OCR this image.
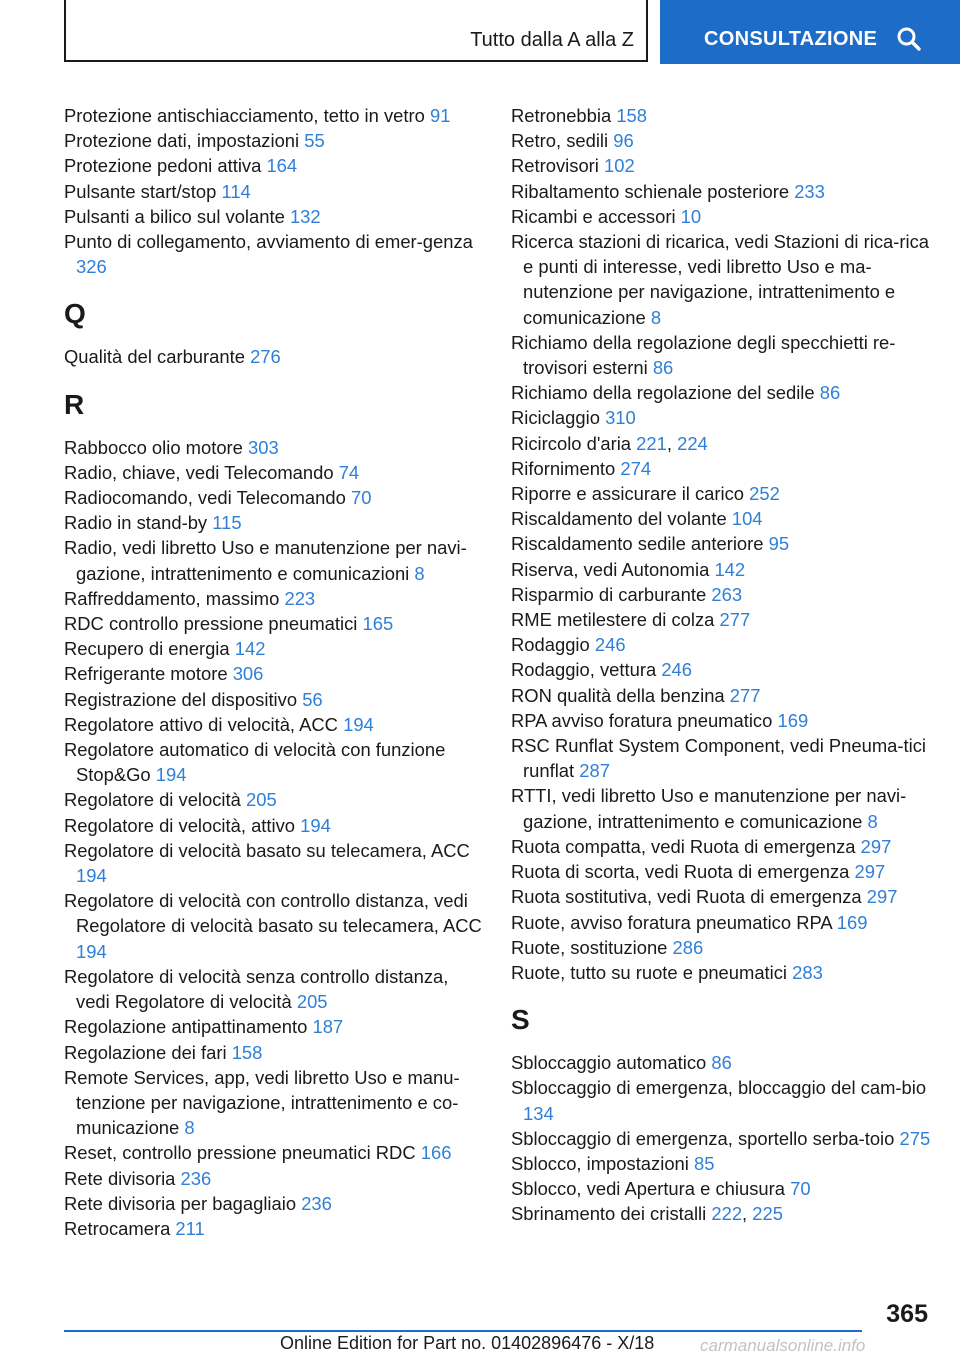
Tutto dalla A alla Z	CONSULTAZIONE
Protezione antischiacciamento, tetto in vetro 91
Protezione dati, impostazioni 55
Protezione pedoni attiva 164
Pulsante start/stop 114
Pulsanti a bilico sul volante 132
Punto di collegamento, avviamento di emer-genza 326
Q
Qualità del carburante 276
R
Rabbocco olio motore 303
Radio, chiave, vedi Telecomando 74
Radiocomando, vedi Telecomando 70
Radio in stand-by 115
Radio, vedi libretto Uso e manutenzione per navi-gazione, intrattenimento e comunicazioni 8
Raffreddamento, massimo 223
RDC controllo pressione pneumatici 165
Recupero di energia 142
Refrigerante motore 306
Registrazione del dispositivo 56
Regolatore attivo di velocità, ACC 194
Regolatore automatico di velocità con funzione Stop&Go 194
Regolatore di velocità 205
Regolatore di velocità, attivo 194
Regolatore di velocità basato su telecamera, ACC 194
Regolatore di velocità con controllo distanza, vedi Regolatore di velocità basato su telecamera, ACC 194
Regolatore di velocità senza controllo distanza, vedi Regolatore di velocità 205
Regolazione antipattinamento 187
Regolazione dei fari 158
Remote Services, app, vedi libretto Uso e manu-tenzione per navigazione, intrattenimento e co-municazione 8
Reset, controllo pressione pneumatici RDC 166
Rete divisoria 236
Rete divisoria per bagagliaio 236
Retrocamera 211
Retronebbia 158
Retro, sedili 96
Retrovisori 102
Ribaltamento schienale posteriore 233
Ricambi e accessori 10
Ricerca stazioni di ricarica, vedi Stazioni di rica-rica e punti di interesse, vedi libretto Uso e ma-nutenzione per navigazione, intrattenimento e comunicazione 8
Richiamo della regolazione degli specchietti re-trovisori esterni 86
Richiamo della regolazione del sedile 86
Riciclaggio 310
Ricircolo d'aria 221, 224
Rifornimento 274
Riporre e assicurare il carico 252
Riscaldamento del volante 104
Riscaldamento sedile anteriore 95
Riserva, vedi Autonomia 142
Risparmio di carburante 263
RME metilestere di colza 277
Rodaggio 246
Rodaggio, vettura 246
RON qualità della benzina 277
RPA avviso foratura pneumatico 169
RSC Runflat System Component, vedi Pneuma-tici runflat 287
RTTI, vedi libretto Uso e manutenzione per navi-gazione, intrattenimento e comunicazione 8
Ruota compatta, vedi Ruota di emergenza 297
Ruota di scorta, vedi Ruota di emergenza 297
Ruota sostitutiva, vedi Ruota di emergenza 297
Ruote, avviso foratura pneumatico RPA 169
Ruote, sostituzione 286
Ruote, tutto su ruote e pneumatici 283
S
Sbloccaggio automatico 86
Sbloccaggio di emergenza, bloccaggio del cam-bio 134
Sbloccaggio di emergenza, sportello serba-toio 275
Sblocco, impostazioni 85
Sblocco, vedi Apertura e chiusura 70
Sbrinamento dei cristalli 222, 225
365
Online Edition for Part no. 01402896476 - X/18	carmanualsonline.info
